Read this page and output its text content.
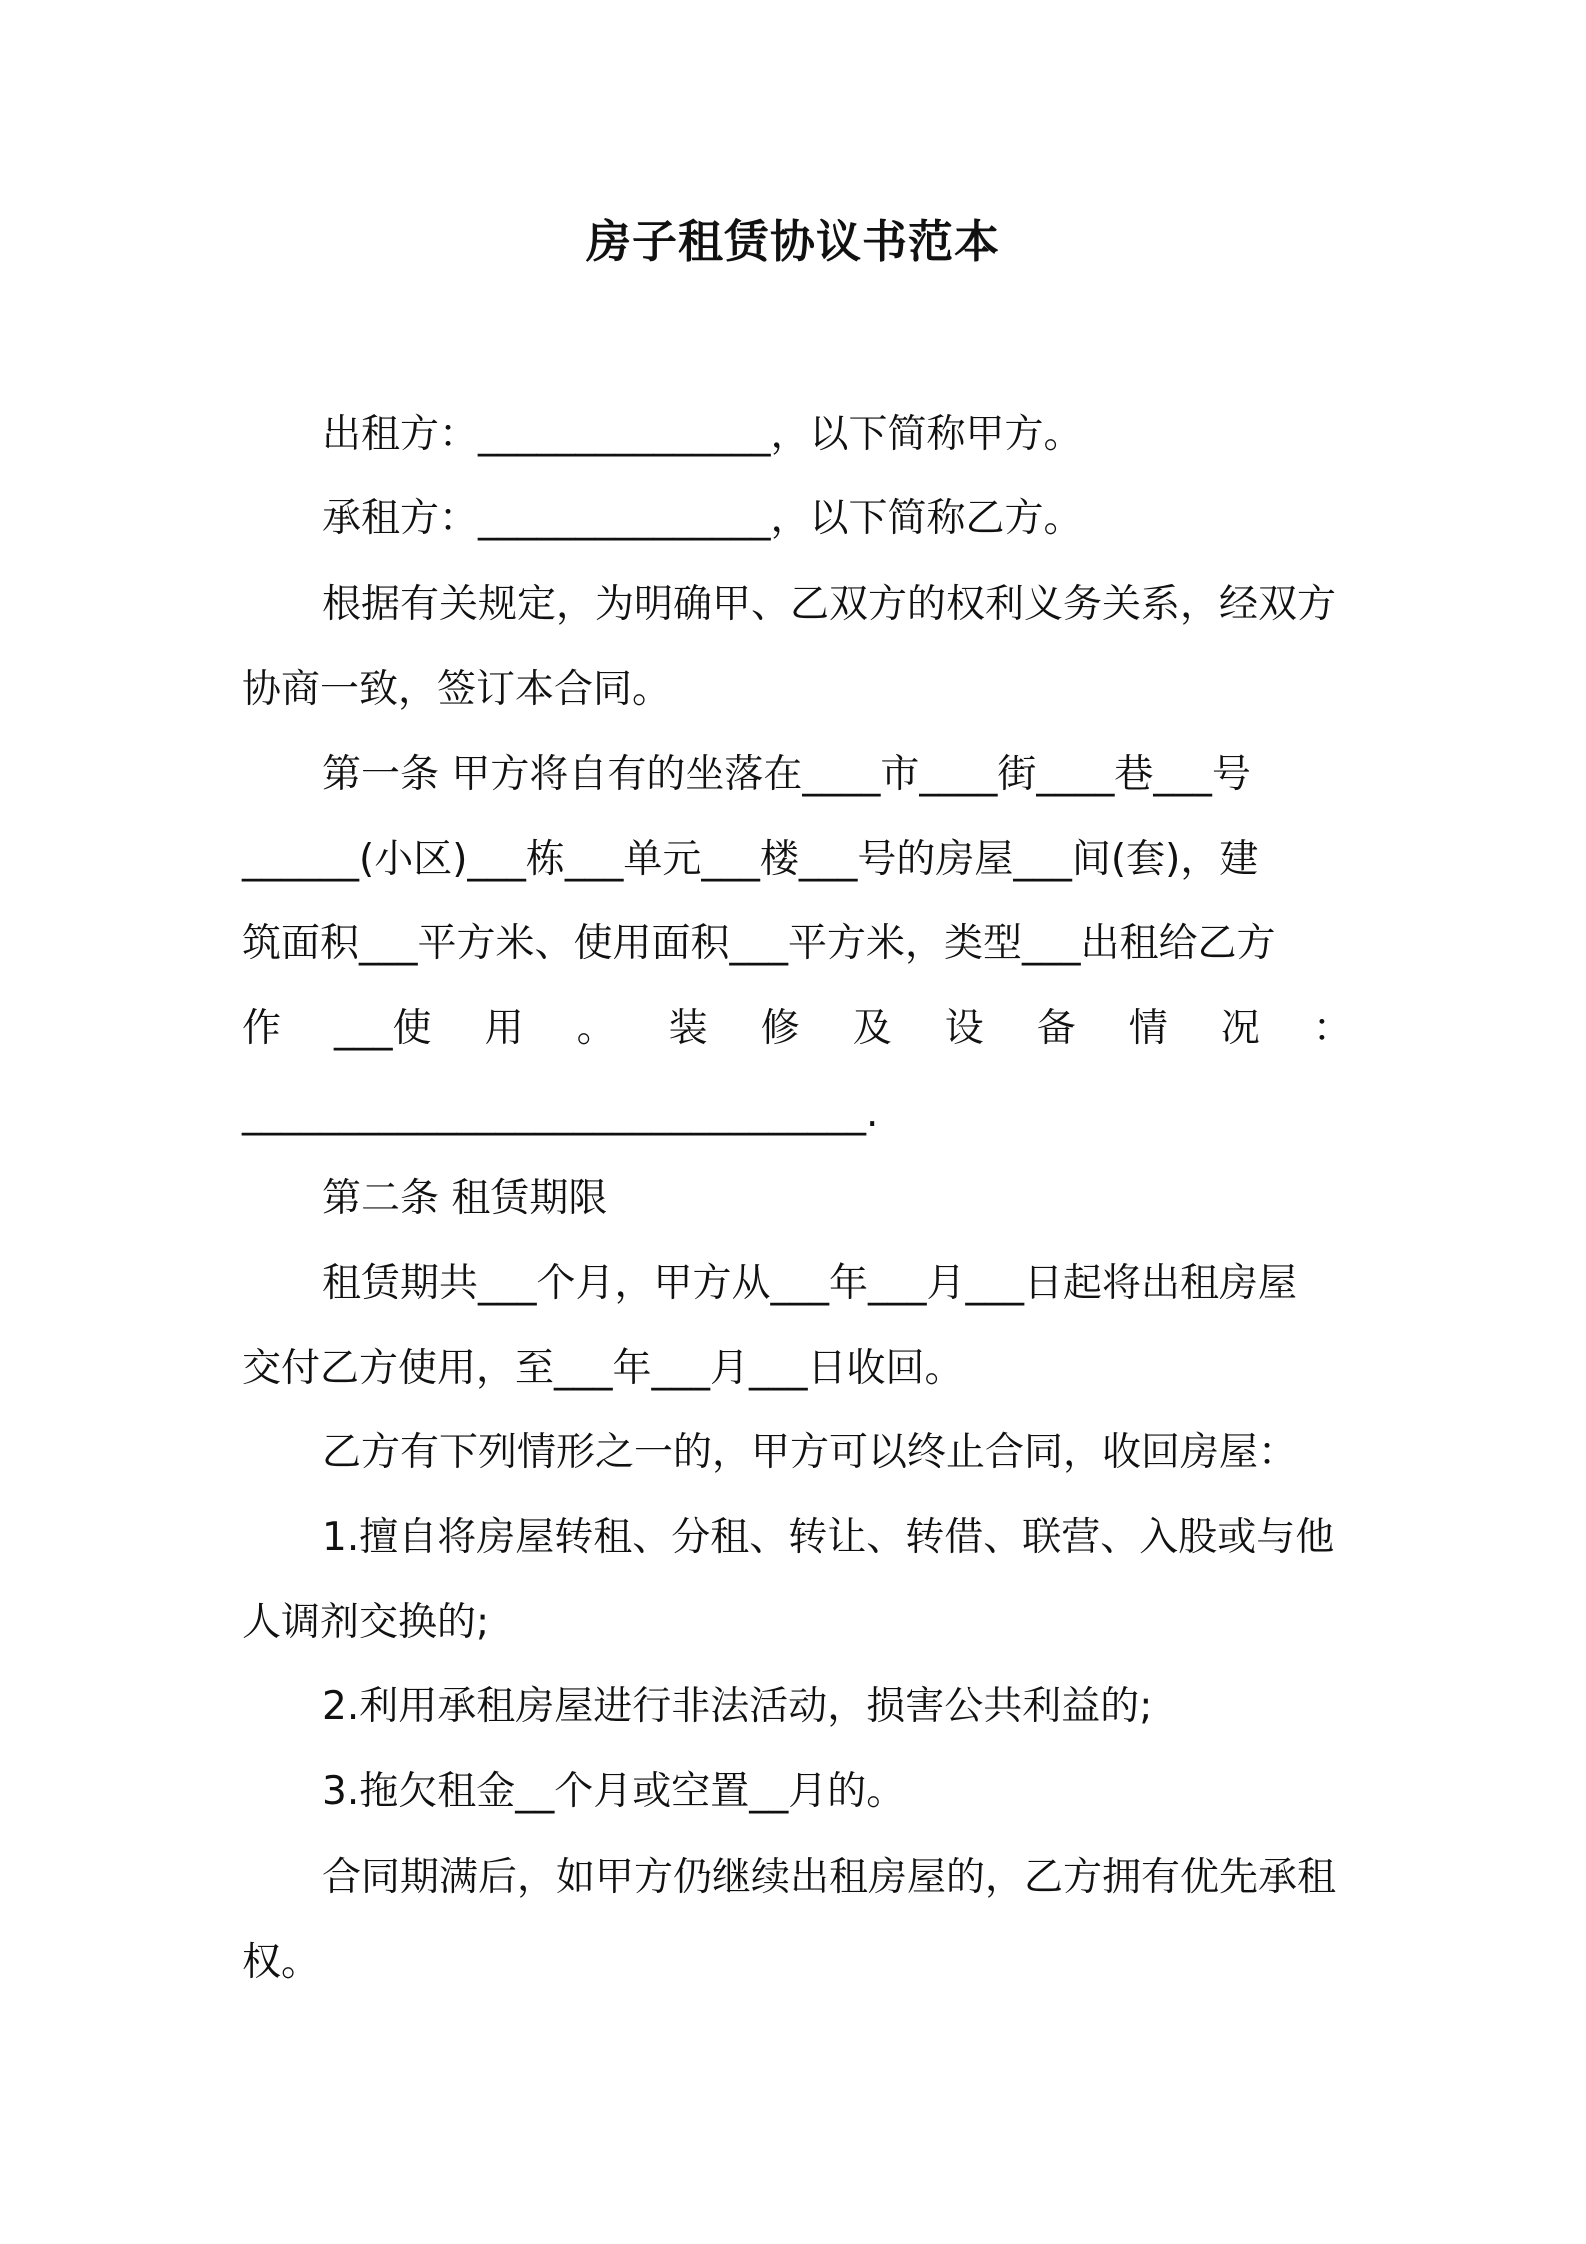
房子租赁协议书范本
出租方：_______________，以下简称甲方。
承租方：_______________，以下简称乙方。
根据有关规定，为明确甲、乙双方的权利义务关系，经双方
协商一致，签订本合同。
第一条 甲方将自有的坐落在____市____街____巷___号
______(小区)___栋___单元___楼___号的房屋___间(套)，建
筑面积___平方米、使用面积___平方米，类型___出租给乙方
作 ___使 用 。 装 修 及 设 备 情 况 ：
________________________________.
第二条 租赁期限
租赁期共___个月，甲方从___年___月___日起将出租房屋
交付乙方使用，至___年___月___日收回。
乙方有下列情形之一的，甲方可以终止合同，收回房屋：
1.擅自将房屋转租、分租、转让、转借、联营、入股或与他
人调剂交换的;
2.利用承租房屋进行非法活动，损害公共利益的;
3.拖欠租金__个月或空置__月的。
合同期满后，如甲方仍继续出租房屋的，乙方拥有优先承租
权。
